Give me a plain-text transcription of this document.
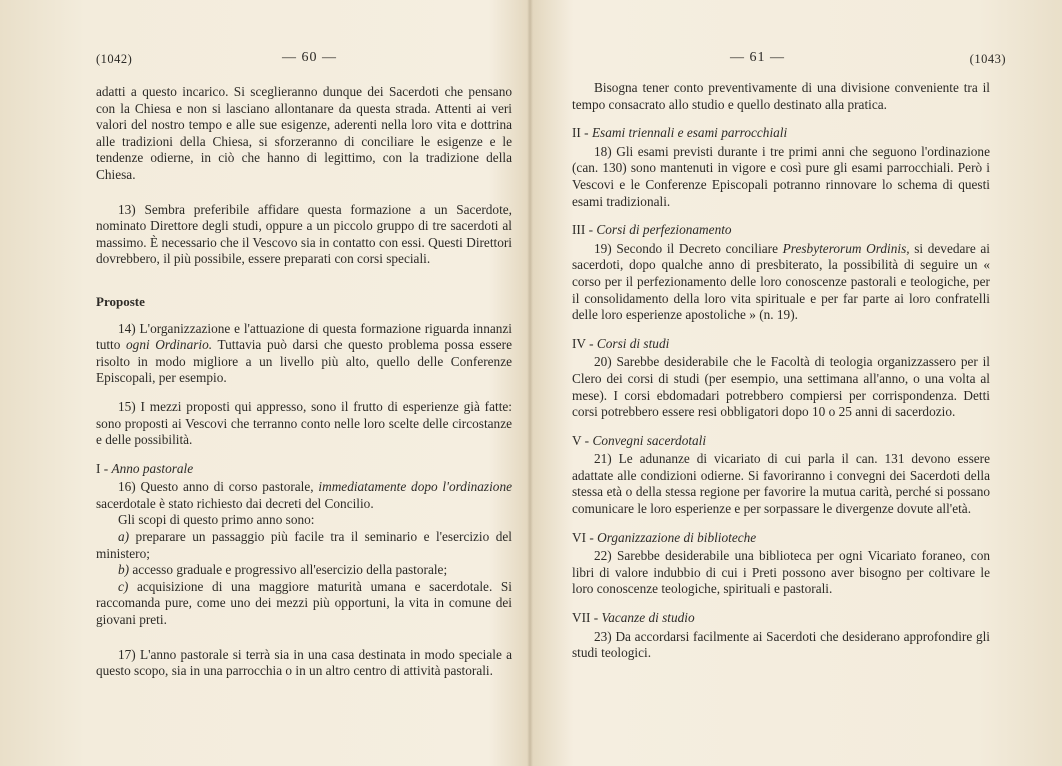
(1042)	— 60 —

adatti a questo incarico. Si sceglieranno dunque dei Sacerdoti che pensano con la Chiesa e non si lasciano allontanare da questa strada. Attenti ai veri valori del nostro tempo e alle sue esigenze, aderenti nella loro vita e dottrina alle tradizioni della Chiesa, si sforzeranno di conciliare le esigenze e le tendenze odierne, in ciò che hanno di legittimo, con la tradizione della Chiesa.

13) Sembra preferibile affidare questa formazione a un Sacerdote, nominato Direttore degli studi, oppure a un piccolo gruppo di tre sacerdoti al massimo. È necessario che il Vescovo sia in contatto con essi. Questi Direttori dovrebbero, il più possibile, essere preparati con corsi speciali.

Proposte

14) L'organizzazione e l'attuazione di questa formazione riguarda innanzi tutto ogni Ordinario. Tuttavia può darsi che questo problema possa essere risolto in modo migliore a un livello più alto, quello delle Conferenze Episcopali, per esempio.

15) I mezzi proposti qui appresso, sono il frutto di esperienze già fatte: sono proposti ai Vescovi che terranno conto nelle loro scelte delle circostanze e delle possibilità.

I - Anno pastorale

16) Questo anno di corso pastorale, immediatamente dopo l'ordinazione sacerdotale è stato richiesto dai decreti del Concilio.

Gli scopi di questo primo anno sono:

a) preparare un passaggio più facile tra il seminario e l'esercizio del ministero;

b) accesso graduale e progressivo all'esercizio della pastorale;

c) acquisizione di una maggiore maturità umana e sacerdotale. Si raccomanda pure, come uno dei mezzi più opportuni, la vita in comune dei giovani preti.

17) L'anno pastorale si terrà sia in una casa destinata in modo speciale a questo scopo, sia in una parrocchia o in un altro centro di attività pastorali.

— 61 —	(1043)

Bisogna tener conto preventivamente di una divisione conveniente tra il tempo consacrato allo studio e quello destinato alla pratica.

II - Esami triennali e esami parrocchiali

18) Gli esami previsti durante i tre primi anni che seguono l'ordinazione (can. 130) sono mantenuti in vigore e così pure gli esami parrocchiali. Però i Vescovi e le Conferenze Episcopali potranno rinnovare lo schema di questi esami tradizionali.

III - Corsi di perfezionamento

19) Secondo il Decreto conciliare Presbyterorum Ordinis, si devedare ai sacerdoti, dopo qualche anno di presbiterato, la possibilità di seguire un « corso per il perfezionamento delle loro conoscenze pastorali e teologiche, per il consolidamento della loro vita spirituale e per far parte ai loro confratelli delle loro esperienze apostoliche » (n. 19).

IV - Corsi di studi

20) Sarebbe desiderabile che le Facoltà di teologia organizzassero per il Clero dei corsi di studi (per esempio, una settimana all'anno, o una volta al mese). I corsi ebdomadari potrebbero compiersi per corrispondenza. Detti corsi potrebbero essere resi obbligatori dopo 10 o 25 anni di sacerdozio.

V - Convegni sacerdotali

21) Le adunanze di vicariato di cui parla il can. 131 devono essere adattate alle condizioni odierne. Si favoriranno i convegni dei Sacerdoti della stessa età o della stessa regione per favorire la mutua carità, perché si possano comunicare le loro esperienze e per sorpassare le divergenze dovute all'età.

VI - Organizzazione di biblioteche

22) Sarebbe desiderabile una biblioteca per ogni Vicariato foraneo, con libri di valore indubbio di cui i Preti possono aver bisogno per coltivare le loro conoscenze teologiche, spirituali e pastorali.

VII - Vacanze di studio

23) Da accordarsi facilmente ai Sacerdoti che desiderano approfondire gli studi teologici.
